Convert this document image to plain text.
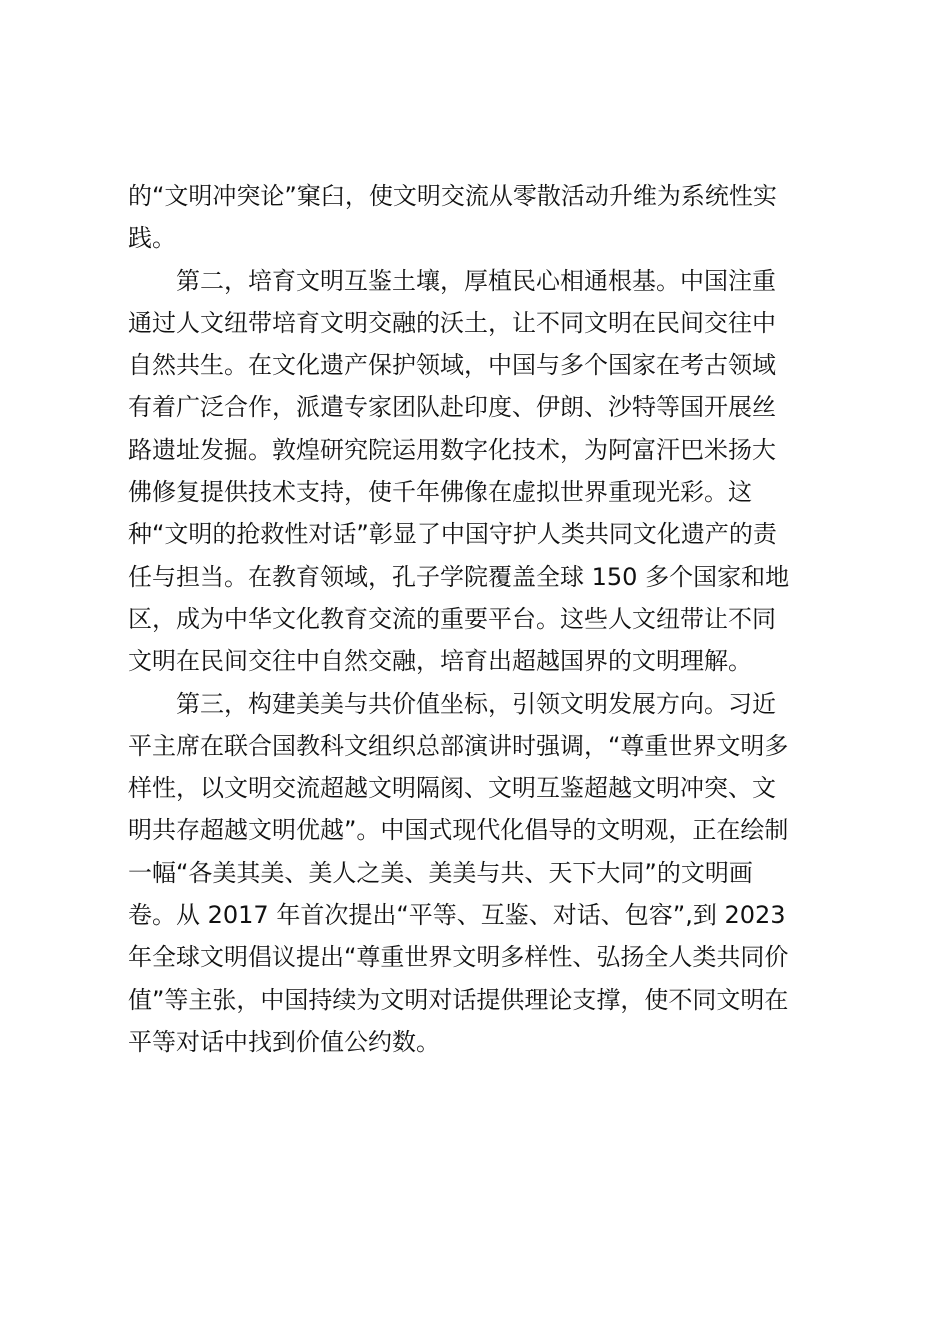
的“文明冲突论”窠臼，使文明交流从零散活动升维为系统性实
践。
第二，培育文明互鉴土壤，厚植民心相通根基。中国注重
通过人文纽带培育文明交融的沃土，让不同文明在民间交往中
自然共生。在文化遗产保护领域，中国与多个国家在考古领域
有着广泛合作，派遣专家团队赴印度、伊朗、沙特等国开展丝
路遗址发掘。敦煌研究院运用数字化技术，为阿富汗巴米扬大
佛修复提供技术支持，使千年佛像在虚拟世界重现光彩。这
种“文明的抢救性对话”彰显了中国守护人类共同文化遗产的责
任与担当。在教育领域，孔子学院覆盖全球 150 多个国家和地
区，成为中华文化教育交流的重要平台。这些人文纽带让不同
文明在民间交往中自然交融，培育出超越国界的文明理解。
第三，构建美美与共价值坐标，引领文明发展方向。习近
平主席在联合国教科文组织总部演讲时强调，“尊重世界文明多
样性，以文明交流超越文明隔阂、文明互鉴超越文明冲突、文
明共存超越文明优越”。中国式现代化倡导的文明观，正在绘制
一幅“各美其美、美人之美、美美与共、天下大同”的文明画
卷。从 2017 年首次提出“平等、互鉴、对话、包容”,到 2023
年全球文明倡议提出“尊重世界文明多样性、弘扬全人类共同价
值”等主张，中国持续为文明对话提供理论支撑，使不同文明在
平等对话中找到价值公约数。
